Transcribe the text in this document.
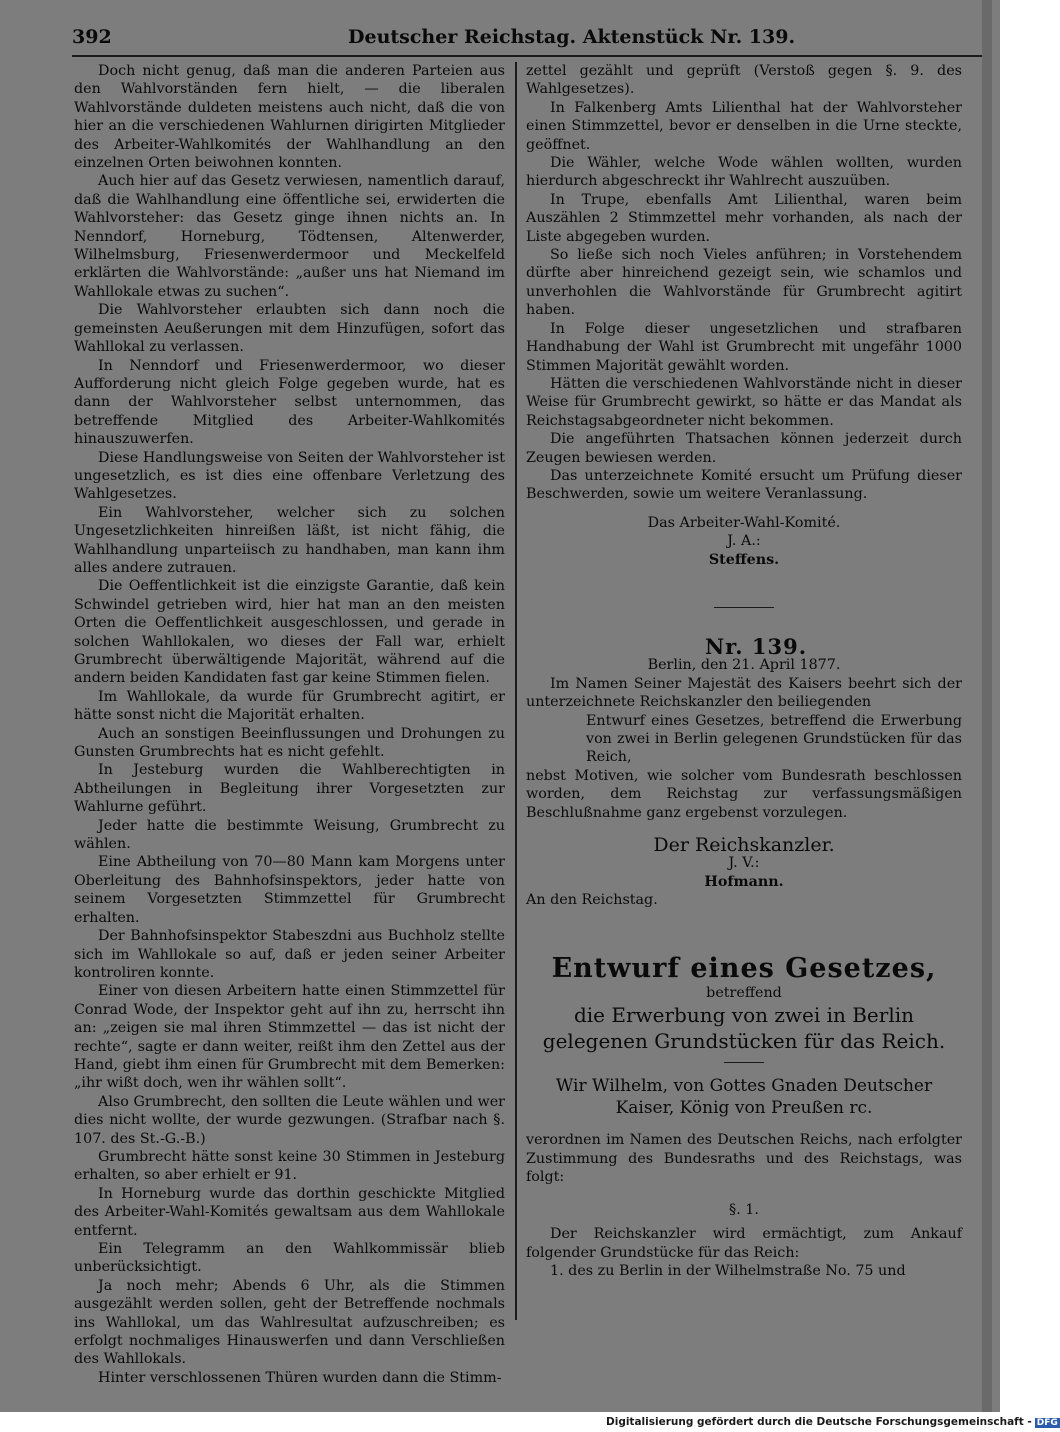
392	Deutscher Reichstag. Aktenstück Nr. 139.

Doch nicht genug, daß man die anderen Parteien aus den Wahlvorständen fern hielt, — die liberalen Wahlvorstände duldeten meistens auch nicht, daß die von hier an die verschiedenen Wahlurnen dirigirten Mitglieder des Arbeiter-Wahlkomités der Wahlhandlung an den einzelnen Orten beiwohnen konnten.

Auch hier auf das Gesetz verwiesen, namentlich darauf, daß die Wahlhandlung eine öffentliche sei, erwiderten die Wahlvorsteher: das Gesetz ginge ihnen nichts an. In Nenndorf, Horneburg, Tödtensen, Altenwerder, Wilhelmsburg, Friesenwerdermoor und Meckelfeld erklärten die Wahlvorstände: „außer uns hat Niemand im Wahllokale etwas zu suchen“.

Die Wahlvorsteher erlaubten sich dann noch die gemeinsten Aeußerungen mit dem Hinzufügen, sofort das Wahllokal zu verlassen.

In Nenndorf und Friesenwerdermoor, wo dieser Aufforderung nicht gleich Folge gegeben wurde, hat es dann der Wahlvorsteher selbst unternommen, das betreffende Mitglied des Arbeiter-Wahlkomités hinauszuwerfen.

Diese Handlungsweise von Seiten der Wahlvorsteher ist ungesetzlich, es ist dies eine offenbare Verletzung des Wahlgesetzes.

Ein Wahlvorsteher, welcher sich zu solchen Ungesetzlichkeiten hinreißen läßt, ist nicht fähig, die Wahlhandlung unparteiisch zu handhaben, man kann ihm alles andere zutrauen.

Die Oeffentlichkeit ist die einzigste Garantie, daß kein Schwindel getrieben wird, hier hat man an den meisten Orten die Oeffentlichkeit ausgeschlossen, und gerade in solchen Wahllokalen, wo dieses der Fall war, erhielt Grumbrecht überwältigende Majorität, während auf die andern beiden Kandidaten fast gar keine Stimmen fielen.

Im Wahllokale, da wurde für Grumbrecht agitirt, er hätte sonst nicht die Majorität erhalten.

Auch an sonstigen Beeinflussungen und Drohungen zu Gunsten Grumbrechts hat es nicht gefehlt.

In Jesteburg wurden die Wahlberechtigten in Abtheilungen in Begleitung ihrer Vorgesetzten zur Wahlurne geführt.

Jeder hatte die bestimmte Weisung, Grumbrecht zu wählen.

Eine Abtheilung von 70—80 Mann kam Morgens unter Oberleitung des Bahnhofsinspektors, jeder hatte von seinem Vorgesetzten Stimmzettel für Grumbrecht erhalten.

Der Bahnhofsinspektor Stabeszdni aus Buchholz stellte sich im Wahllokale so auf, daß er jeden seiner Arbeiter kontroliren konnte.

Einer von diesen Arbeitern hatte einen Stimmzettel für Conrad Wode, der Inspektor geht auf ihn zu, herrscht ihn an: „zeigen sie mal ihren Stimmzettel — das ist nicht der rechte“, sagte er dann weiter, reißt ihm den Zettel aus der Hand, giebt ihm einen für Grumbrecht mit dem Bemerken: „ihr wißt doch, wen ihr wählen sollt“.

Also Grumbrecht, den sollten die Leute wählen und wer dies nicht wollte, der wurde gezwungen. (Strafbar nach §. 107. des St.-G.-B.)

Grumbrecht hätte sonst keine 30 Stimmen in Jesteburg erhalten, so aber erhielt er 91.

In Horneburg wurde das dorthin geschickte Mitglied des Arbeiter-Wahl-Komités gewaltsam aus dem Wahllokale entfernt.

Ein Telegramm an den Wahlkommissär blieb unberücksichtigt.

Ja noch mehr; Abends 6 Uhr, als die Stimmen ausgezählt werden sollen, geht der Betreffende nochmals ins Wahllokal, um das Wahlresultat aufzuschreiben; es erfolgt nochmaliges Hinauswerfen und dann Verschließen des Wahllokals.

Hinter verschlossenen Thüren wurden dann die Stimm-

zettel gezählt und geprüft (Verstoß gegen §. 9. des Wahlgesetzes).

In Falkenberg Amts Lilienthal hat der Wahlvorsteher einen Stimmzettel, bevor er denselben in die Urne steckte, geöffnet.

Die Wähler, welche Wode wählen wollten, wurden hierdurch abgeschreckt ihr Wahlrecht auszuüben.

In Trupe, ebenfalls Amt Lilienthal, waren beim Auszählen 2 Stimmzettel mehr vorhanden, als nach der Liste abgegeben wurden.

So ließe sich noch Vieles anführen; in Vorstehendem dürfte aber hinreichend gezeigt sein, wie schamlos und unverhohlen die Wahlvorstände für Grumbrecht agitirt haben.

In Folge dieser ungesetzlichen und strafbaren Handhabung der Wahl ist Grumbrecht mit ungefähr 1000 Stimmen Majorität gewählt worden.

Hätten die verschiedenen Wahlvorstände nicht in dieser Weise für Grumbrecht gewirkt, so hätte er das Mandat als Reichstagsabgeordneter nicht bekommen.

Die angeführten Thatsachen können jederzeit durch Zeugen bewiesen werden.

Das unterzeichnete Komité ersucht um Prüfung dieser Beschwerden, sowie um weitere Veranlassung.

Das Arbeiter-Wahl-Komité.

J. A.:

Steffens.

Nr. 139.

Berlin, den 21. April 1877.

Im Namen Seiner Majestät des Kaisers beehrt sich der unterzeichnete Reichskanzler den beiliegenden

Entwurf eines Gesetzes, betreffend die Erwerbung von zwei in Berlin gelegenen Grundstücken für das Reich,

nebst Motiven, wie solcher vom Bundesrath beschlossen worden, dem Reichstag zur verfassungsmäßigen Beschlußnahme ganz ergebenst vorzulegen.

Der Reichskanzler.

J. V.:

Hofmann.

An den Reichstag.

Entwurf eines Gesetzes,

betreffend

die Erwerbung von zwei in Berlin gelegenen Grundstücken für das Reich.

Wir Wilhelm, von Gottes Gnaden Deutscher Kaiser, König von Preußen rc.

verordnen im Namen des Deutschen Reichs, nach erfolgter Zustimmung des Bundesraths und des Reichstags, was folgt:

§. 1.

Der Reichskanzler wird ermächtigt, zum Ankauf folgender Grundstücke für das Reich:

1. des zu Berlin in der Wilhelmstraße No. 75 und

Digitalisierung gefördert durch die Deutsche Forschungsgemeinschaft - DFG
